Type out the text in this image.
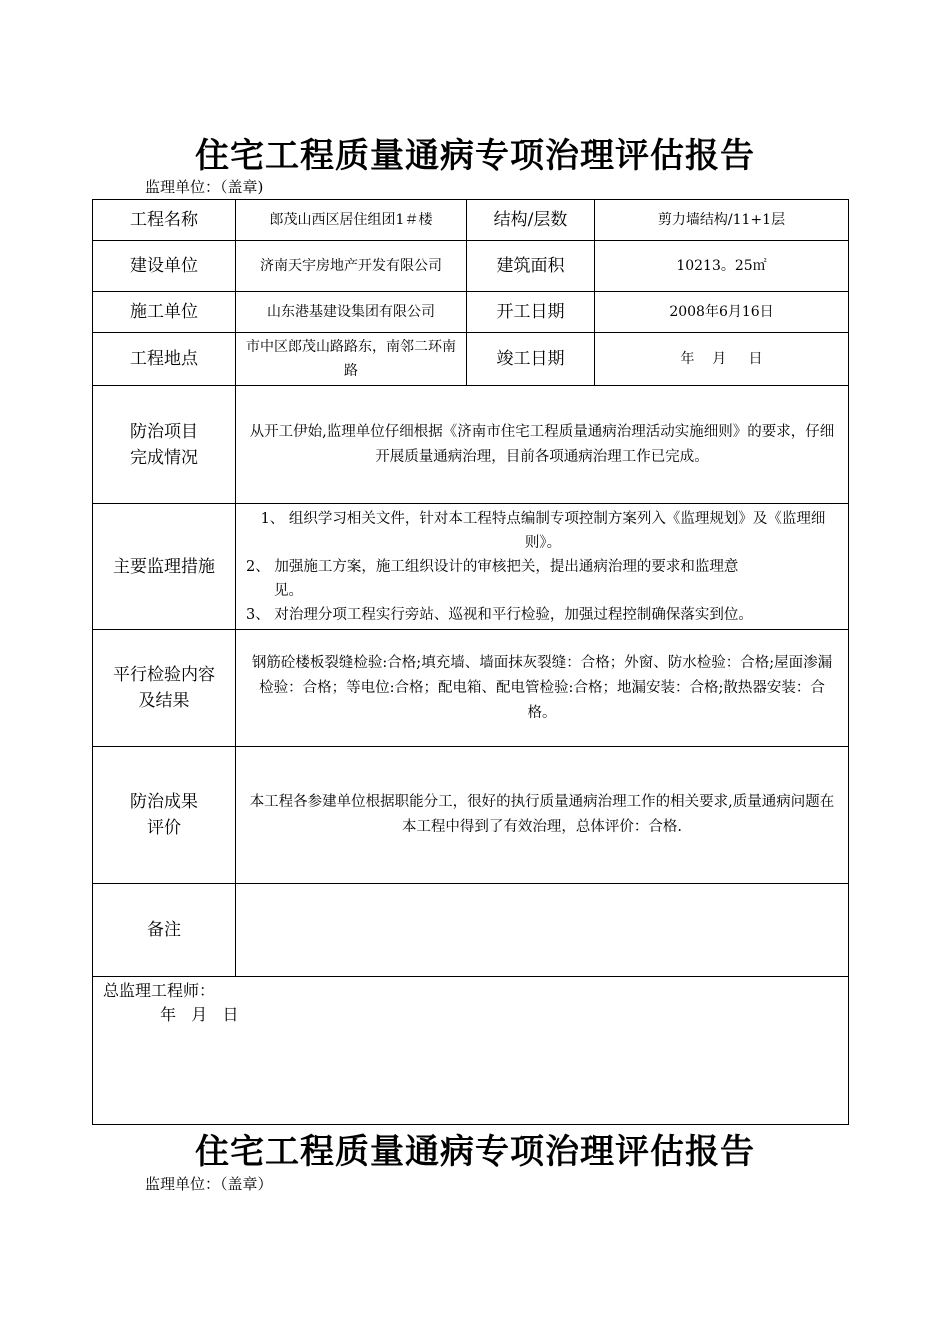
住宅工程质量通病专项治理评估报告
监理单位：（盖章)
工程名称	郎茂山西区居住组团1＃楼	结构/层数	剪力墙结构/11+1层
建设单位	济南天宇房地产开发有限公司	建筑面积	10213。25㎡
施工单位	山东港基建设集团有限公司	开工日期	2008年6月16日
工程地点	市中区郎茂山路路东，南邻二环南路	竣工日期	年    月     日

防治项目
完成情况	从开工伊始,监理单位仔细根据《济南市住宅工程质量通病治理活动实施细则》的要求，仔细开展质量通病治理，目前各项通病治理工作已完成。		
主要监理措施	1、 组织学习相关文件，针对本工程特点编制专项控制方案列入《监理规划》及《监理细则》。
2、 加强施工方案，施工组织设计的审核把关，提出通病治理的要求和监理意
见。
3、 对治理分项工程实行旁站、巡视和平行检验，加强过程控制确保落实到位。		

平行检验内容
及结果	钢筋砼楼板裂缝检验:合格;填充墙、墙面抹灰裂缝：合格；外窗、防水检验：合格;屋面渗漏检验：合格；等电位:合格；配电箱、配电管检验:合格；地漏安装：合格;散热器安装：合格。		

防治成果
评价	本工程各参建单位根据职能分工，很好的执行质量通病治理工作的相关要求,质量通病问题在本工程中得到了有效治理，总体评价：合格.		
备注			

总监理工程师：
年   月   日			
住宅工程质量通病专项治理评估报告
监理单位：（盖章）
